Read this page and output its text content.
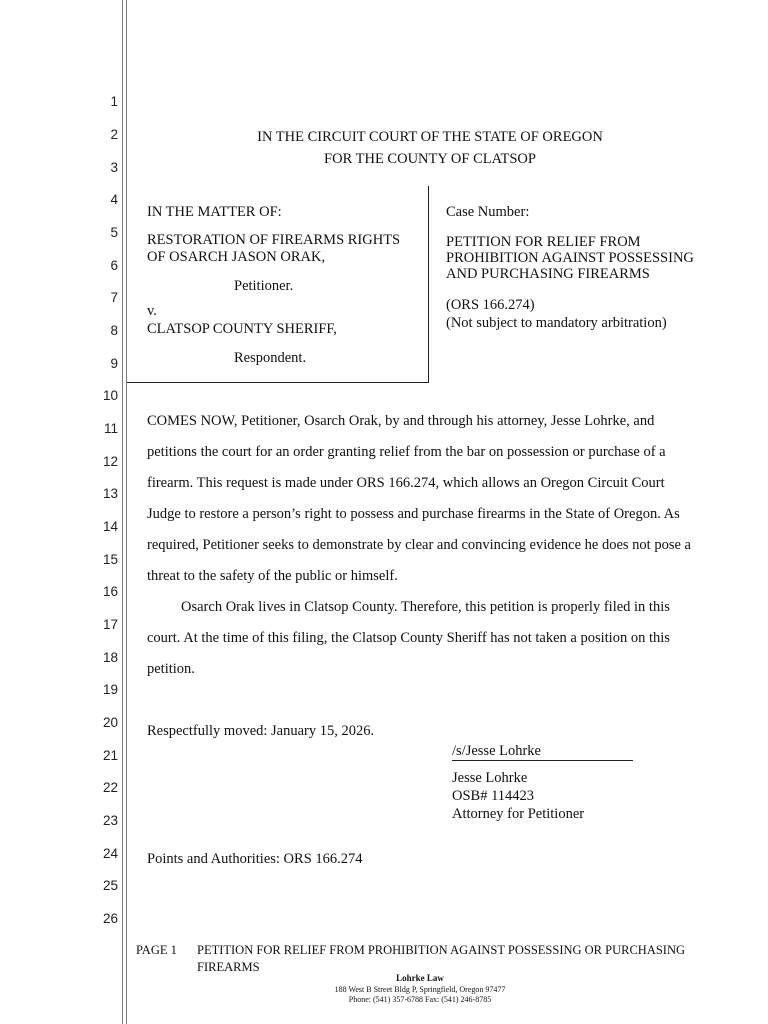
1
2
3
4
5
6
7
8
9
10
11
12
13
14
15
16
17
18
19
20
21
22
23
24
25
26
IN THE CIRCUIT COURT OF THE STATE OF OREGON
FOR THE COUNTY OF CLATSOP
IN THE MATTER OF:
RESTORATION OF FIREARMS RIGHTS
OF OSARCH JASON ORAK,
Petitioner.
v.
CLATSOP COUNTY SHERIFF,
Respondent.
Case Number:
PETITION FOR RELIEF FROM
PROHIBITION AGAINST POSSESSING
AND PURCHASING FIREARMS
(ORS 166.274)
(Not subject to mandatory arbitration)
COMES NOW, Petitioner, Osarch Orak, by and through his attorney, Jesse Lohrke, and
petitions the court for an order granting relief from the bar on possession or purchase of a
firearm. This request is made under ORS 166.274, which allows an Oregon Circuit Court
Judge to restore a person’s right to possess and purchase firearms in the State of Oregon. As
required, Petitioner seeks to demonstrate by clear and convincing evidence he does not pose a
threat to the safety of the public or himself.
Osarch Orak lives in Clatsop County. Therefore, this petition is properly filed in this
court. At the time of this filing, the Clatsop County Sheriff has not taken a position on this
petition.
Respectfully moved: January 15, 2026.
/s/Jesse Lohrke
Jesse Lohrke
OSB# 114423
Attorney for Petitioner
Points and Authorities: ORS 166.274
PAGE 1 PETITION FOR RELIEF FROM PROHIBITION AGAINST POSSESSING OR PURCHASING
FIREARMS
Lohrke Law
188 West B Street Bldg P, Springfield, Oregon 97477
Phone: (541) 357-6788 Fax: (541) 246-8785
